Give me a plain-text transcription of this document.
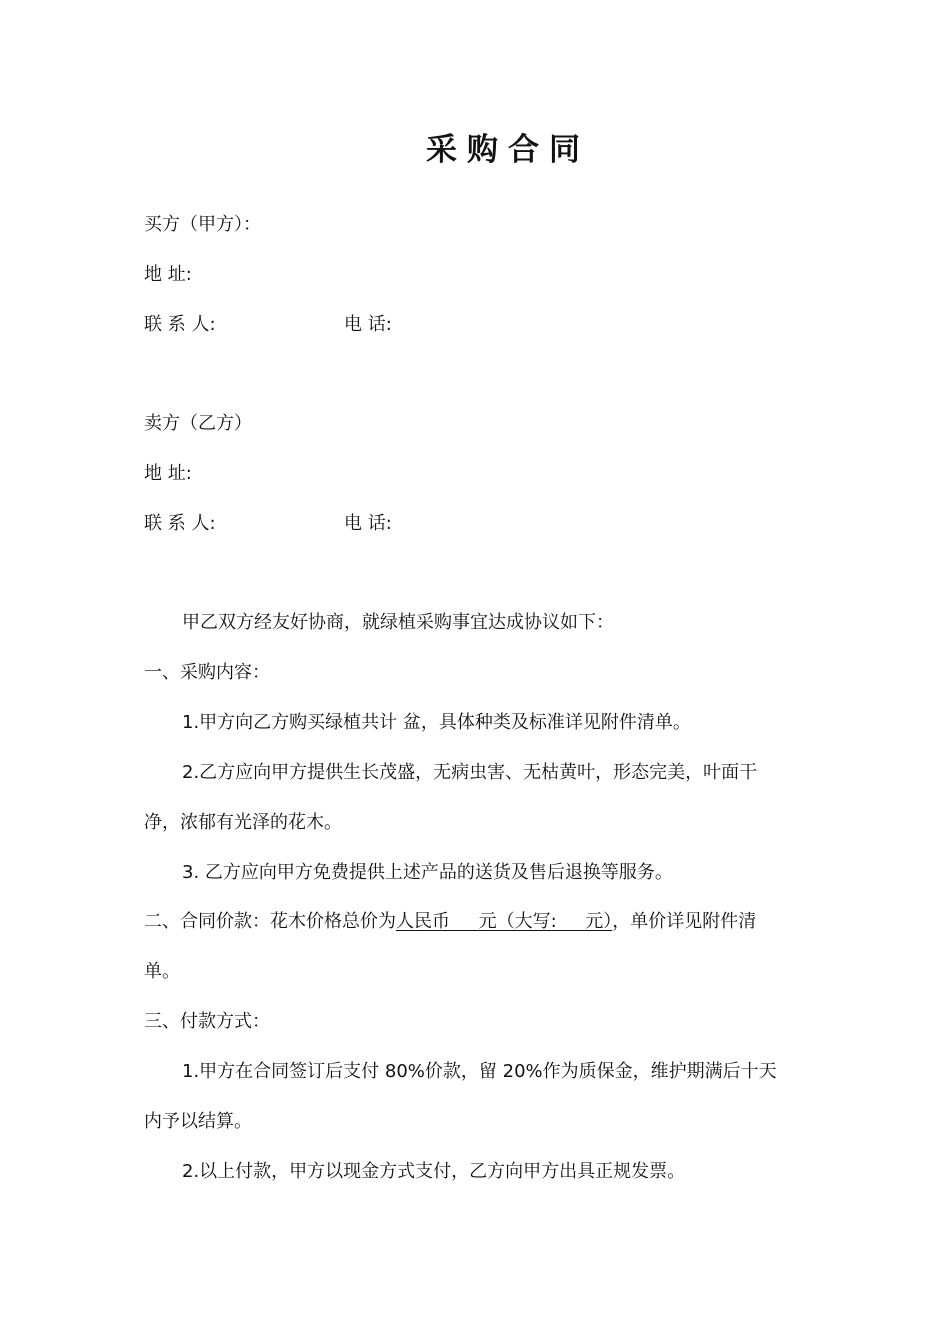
采购合同
买方（甲方）：
地 址:
联 系 人:	电 话:
卖方（乙方）
地 址:
联 系 人:	电 话:
甲乙双方经友好协商，就绿植采购事宜达成协议如下：
一、采购内容：
1.甲方向乙方购买绿植共计 盆，具体种类及标准详见附件清单。
2.乙方应向甲方提供生长茂盛，无病虫害、无枯黄叶，形态完美，叶面干
净，浓郁有光泽的花木。
3. 乙方应向甲方免费提供上述产品的送货及售后退换等服务。
二、合同价款：花木价格总价为人民币     元（大写:     元），单价详见附件清
单。
三、付款方式：
1.甲方在合同签订后支付 80%价款，留 20%作为质保金，维护期满后十天
内予以结算。
2.以上付款，甲方以现金方式支付，乙方向甲方出具正规发票。
